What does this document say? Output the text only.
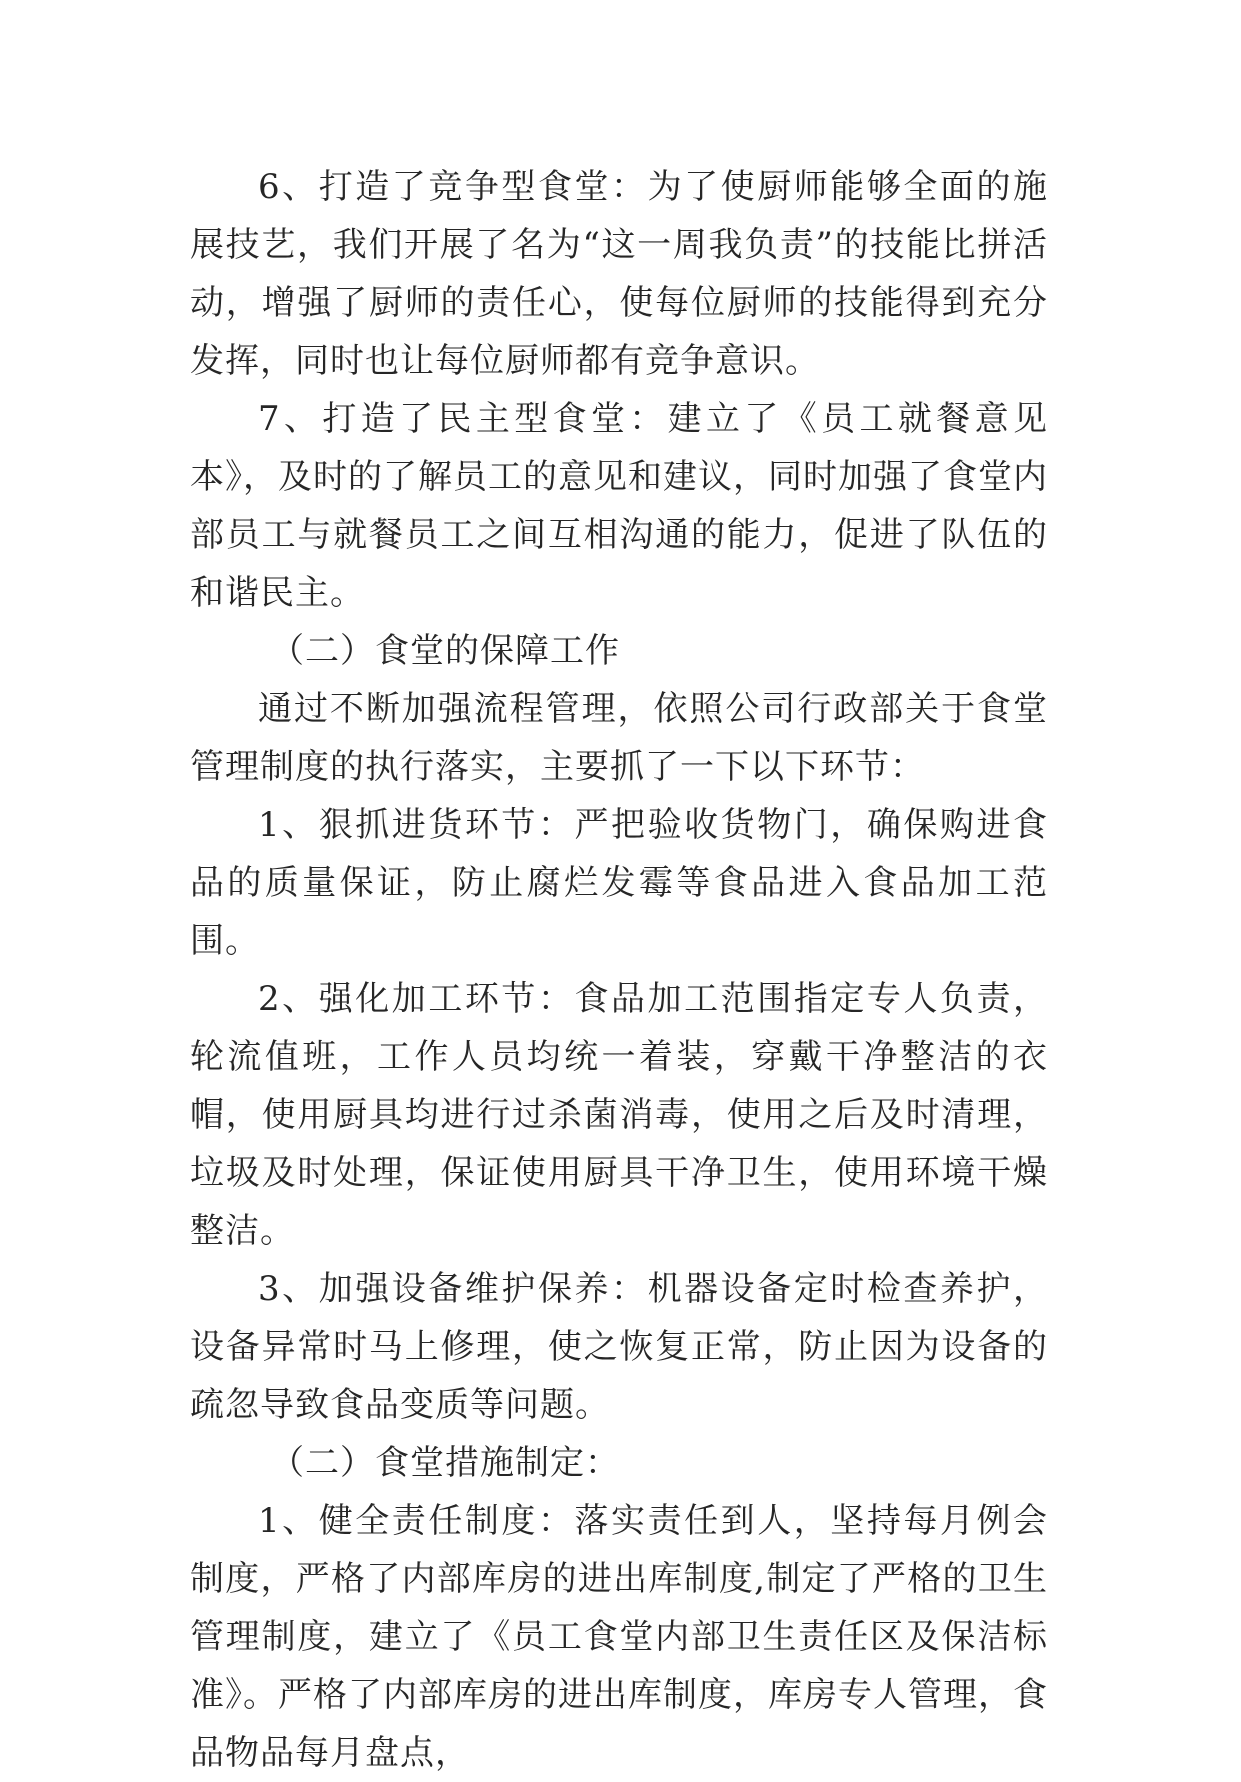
6、打造了竞争型食堂：为了使厨师能够全面的施展技艺，我们开展了名为“这一周我负责”的技能比拼活动，增强了厨师的责任心，使每位厨师的技能得到充分发挥，同时也让每位厨师都有竞争意识。

7、打造了民主型食堂：建立了《员工就餐意见本》，及时的了解员工的意见和建议，同时加强了食堂内部员工与就餐员工之间互相沟通的能力，促进了队伍的和谐民主。

（二）食堂的保障工作

通过不断加强流程管理，依照公司行政部关于食堂管理制度的执行落实，主要抓了一下以下环节：

1、狠抓进货环节：严把验收货物门，确保购进食品的质量保证，防止腐烂发霉等食品进入食品加工范围。

2、强化加工环节：食品加工范围指定专人负责，轮流值班，工作人员均统一着装，穿戴干净整洁的衣帽，使用厨具均进行过杀菌消毒，使用之后及时清理，垃圾及时处理，保证使用厨具干净卫生，使用环境干燥整洁。

3、加强设备维护保养：机器设备定时检查养护，设备异常时马上修理，使之恢复正常，防止因为设备的疏忽导致食品变质等问题。

（二）食堂措施制定：

1、健全责任制度：落实责任到人，坚持每月例会制度，严格了内部库房的进出库制度,制定了严格的卫生管理制度，建立了《员工食堂内部卫生责任区及保洁标准》。严格了内部库房的进出库制度，库房专人管理，食品物品每月盘点，
